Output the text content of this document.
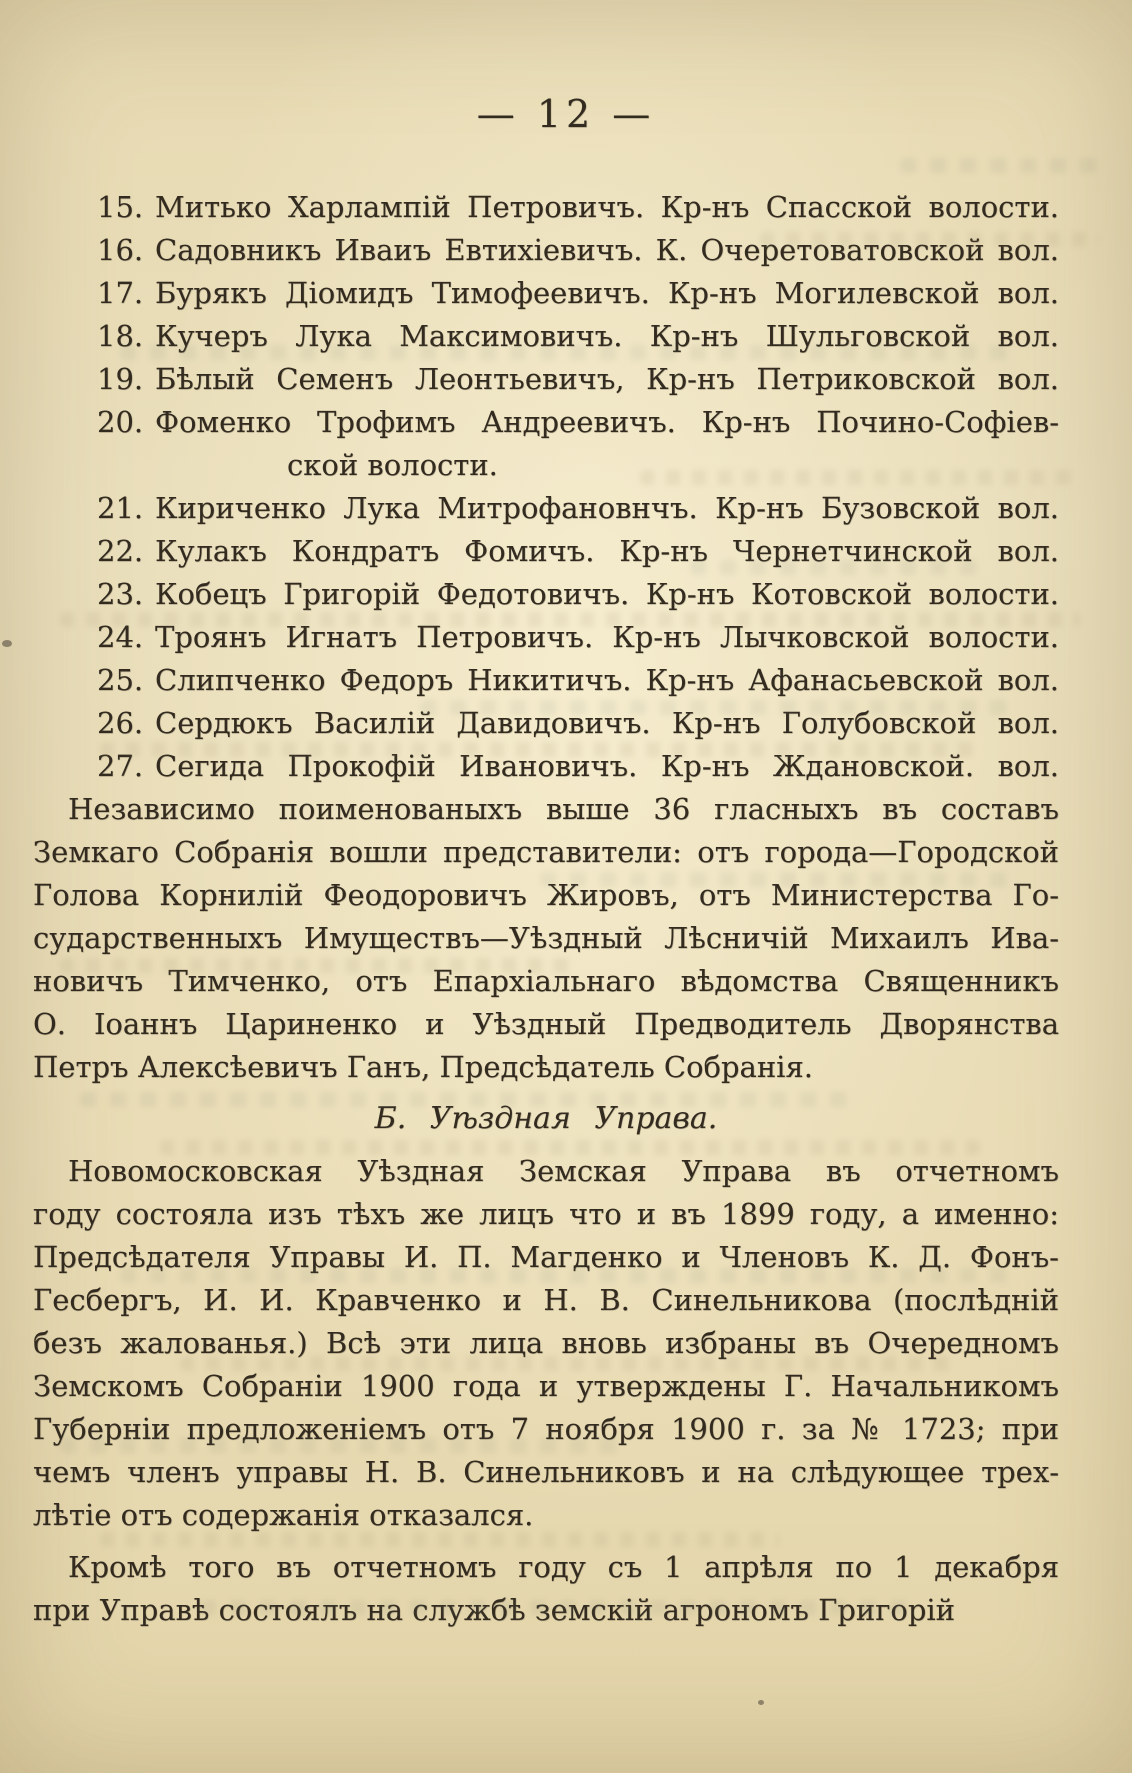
— 12 —
15. Митько Харлампій Петровичъ. Кр-нъ Спасской волости.
16. Садовникъ Иваиъ Евтихіевичъ. К. Очеретоватовской вол.
17. Бурякъ Діомидъ Тимофеевичъ. Кр-нъ Могилевской вол.
18. Кучеръ Лука Максимовичъ. Кр-нъ Шульговской вол.
19. Бѣлый Семенъ Леонтьевичъ, Кр-нъ Петриковской вол.
20. Фоменко Трофимъ Андреевичъ. Кр-нъ Почино-Софіев-
ской волости.
21. Кириченко Лука Митрофановнчъ. Кр-нъ Бузовской вол.
22. Кулакъ Кондратъ Фомичъ. Кр-нъ Чернетчинской вол.
23. Кобецъ Григорій Федотовичъ. Кр-нъ Котовской волости.
24. Троянъ Игнатъ Петровичъ. Кр-нъ Лычковской волости.
25. Слипченко Федоръ Никитичъ. Кр-нъ Афанасьевской вол.
26. Сердюкъ Василій Давидовичъ. Кр-нъ Голубовской вол.
27. Сегида Прокофій Ивановичъ. Кр-нъ Ждановской. вол.
Независимо поименованыхъ выше 36 гласныхъ въ составъ
Земкаго Собранія вошли представители: отъ города—Городской
Голова Корнилій Феодоровичъ Жировъ, отъ Министерства Го-
сударственныхъ Имуществъ—Уѣздный Лѣсничій Михаилъ Ива-
новичъ Тимченко, отъ Епархіальнаго вѣдомства Священникъ
О. Іоаннъ Цариненко и Уѣздный Предводитель Дворянства
Петръ Алексѣевичъ Ганъ, Предсѣдатель Собранія.
Б. Уѣздная Управа.
Новомосковская Уѣздная Земская Управа въ отчетномъ
году состояла изъ тѣхъ же лицъ что и въ 1899 году, а именно:
Предсѣдателя Управы И. П. Магденко и Членовъ К. Д. Фонъ-
Гесбергъ, И. И. Кравченко и Н. В. Синельникова (послѣдній
безъ жалованья.) Всѣ эти лица вновь избраны въ Очередномъ
Земскомъ Собраніи 1900 года и утверждены Г. Начальникомъ
Губерніи предложеніемъ отъ 7 ноября 1900 г. за № 1723; при
чемъ членъ управы Н. В. Синельниковъ и на слѣдующее трех-
лѣтіе отъ содержанія отказался.
Кромѣ того въ отчетномъ году съ 1 апрѣля по 1 декабря
при Управѣ состоялъ на службѣ земскій агрономъ Григорій
